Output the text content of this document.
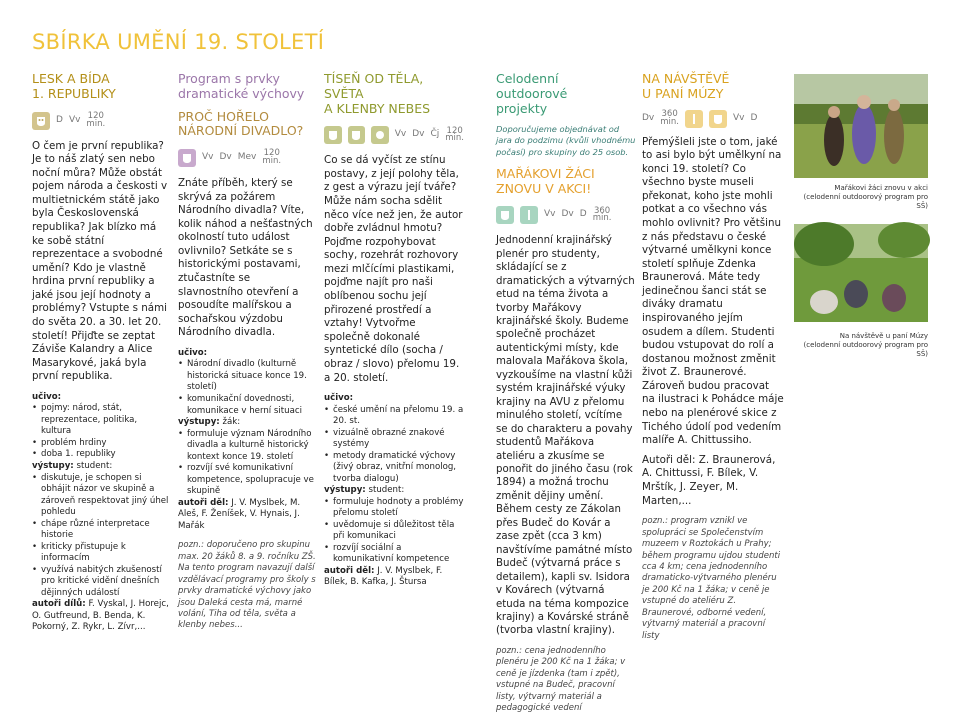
SBÍRKA UMĚNÍ 19. STOLETÍ
LESK A BÍDA
1. REPUBLIKY
D Vv 120
min.

O čem je první republika? Je to náš zlatý sen nebo noční můra? Může obstát pojem národa a českosti v multietnickém státě jako byla Československá republika? Jak blízko má ke sobě státní reprezentace a svobodné umění? Kdo je vlastně hrdina první republiky a jaké jsou její hodnoty a problémy? Vstupte s námi do světa 20. a 30. let 20. století! Přijďte se zeptat Záviše Kalandry a Alice Masarykové, jaká byla první republika.

učivo:
• pojmy: národ, stát, reprezentace, politika, kultura
• problém hrdiny
• doba 1. republiky
výstupy: student:
• diskutuje, je schopen si obhájit názor ve skupině a zároveň respektovat jiný úhel pohledu
• chápe různé interpretace historie
• kriticky přistupuje k informacím
• využívá nabitých zkušeností pro kritické vidění dnešních dějinných událostí
autoři dílů: F. Vyskal, J. Horejc, O. Gutfreund, B. Benda, K. Pokorný, Z. Rykr, L. Zívr,...
Program s prvky
dramatické výchovy
PROČ HOŘELO
NÁRODNÍ DIVADLO?
Vv Dv Mev 120
min.

Znáte příběh, který se skrývá za požárem Národního divadla? Víte, kolik náhod a nešťastných okolností tuto událost ovlivnilo? Setkáte se s historickými postavami, ztučastníte se slavnostního otevření a posoudíte malířskou a sochařskou výzdobu Národního divadla.

učivo:
• Národní divadlo (kulturně historická situace konce 19. století)
• komunikační dovednosti, komunikace v herní situaci
výstupy: žák:
• formuluje význam Národního divadla a kulturně historický kontext konce 19. století
• rozvíjí své komunikativní kompetence, spolupracuje ve skupině
autoři děl: J. V. Myslbek, M. Aleš, F. Ženíšek, V. Hynais, J. Mařák

pozn.: doporučeno pro skupinu max. 20 žáků 8. a 9. ročníku ZŠ. Na tento program navazují další vzdělávací programy pro školy s prvky dramatické výchovy jako jsou Daleká cesta má, marné volání, Tiha od těla, světa a klenby nebes...

TÍSEŇ OD TĚLA, SVĚTA
A KLENBY NEBES
Vv Dv Čj 120
min.

Co se dá vyčíst ze stínu postavy, z její polohy těla, z gest a výrazu její tváře? Může nám socha sdělit něco více než jen, že autor dobře zvládnul hmotu? Pojďme rozpohybovat sochy, rozehrát rozhovory mezi mlčícími plastikami, pojďme najít pro naši oblíbenou sochu její přirozené prostředí a vztahy! Vytvořme společně dokonalé syntetické dílo (socha / obraz / slovo) přelomu 19. a 20. století.

učivo:
• české umění na přelomu 19. a 20. st.
• vizuálně obrazné znakové systémy
• metody dramatické výchovy (živý obraz, vnitřní monolog, tvorba dialogu)
výstupy: student:
• formuluje hodnoty a problémy přelomu století
• uvědomuje si důležitost těla při komunikaci
• rozvíjí sociální a komunikativní kompetence
autoři děl: J. V. Myslbek, F. Bílek, B. Kafka, J. Štursa
Celodenní
outdoorové
projekty

Doporučujeme objednávat od jara do podzimu (kvůli vhodnému počasí) pro skupiny do 25 osob.

MAŘÁKOVI ŽÁCI
ZNOVU V AKCI!
Vv Dv D 360
min.

Jednodenní krajinářský plenér pro studenty, skládající se z dramatických a výtvarných etud na téma života a tvorby Mařákovy krajinářské školy. Budeme společně procházet autentickými místy, kde malovala Mařákova škola, vyzkoušíme na vlastní kůži systém krajinářské výuky krajiny na AVU z přelomu minulého století, vcítíme se do charakteru a povahy studentů Mařákova ateliéru a zkusíme se ponořit do jiného času (rok 1894) a možná trochu změnit dějiny umění. Během cesty ze Zákolan přes Budeč do Kovár a zase zpět (cca 3 km) navštívíme památné místo Budeč (výtvarná práce s detailem), kapli sv. Isidora v Kovárech (výtvarná etuda na téma kompozice krajiny) a Kovárské stráně (tvorba vlastní krajiny).

pozn.: cena jednodenního plenéru je 200 Kč na 1 žáka; v ceně je jízdenka (tam i zpět), vstupné na Budeč, pracovní listy, výtvarný materiál a pedagogické vedení

NA NÁVŠTĚVĚ
U PANÍ MÚZY
Dv 360
min.	Vv D

Přemýšleli jste o tom, jaké to asi bylo být umělkyní na konci 19. století? Co všechno byste museli překonat, koho jste mohli potkat a co všechno vás mohlo ovlivnit? Pro většinu z nás představu o české výtvarné umělkyni konce století splňuje Zdenka Braunerová. Máte tedy jedinečnou šanci stát se diváky dramatu inspirovaného jejím osudem a dílem. Studenti budou vstupovat do rolí a dostanou možnost změnit život Z. Braunerové. Zároveň budou pracovat na ilustraci k Pohádce máje nebo na plenérové skice z Tichého údolí pod vedením malíře A. Chittussiho.

Autoři děl: Z. Braunerová, A. Chittussi, F. Bílek, V. Mrštík, J. Zeyer, M. Marten,...

pozn.: program vznikl ve spolupráci se Společenstvím muzeem v Roztokách u Prahy; během programu ujdou studenti cca 4 km; cena jednodenního dramaticko-výtvarného plenéru je 200 Kč na 1 žáka; v ceně je vstupné do ateliéru Z. Braunerové, odborné vedení, výtvarný materiál a pracovní listy

Mařákovi žáci znovu v akci
(celodenní outdoorový program pro SŠ)
Na návštěvě u paní Múzy
(celodenní outdoorový program pro SŠ)
